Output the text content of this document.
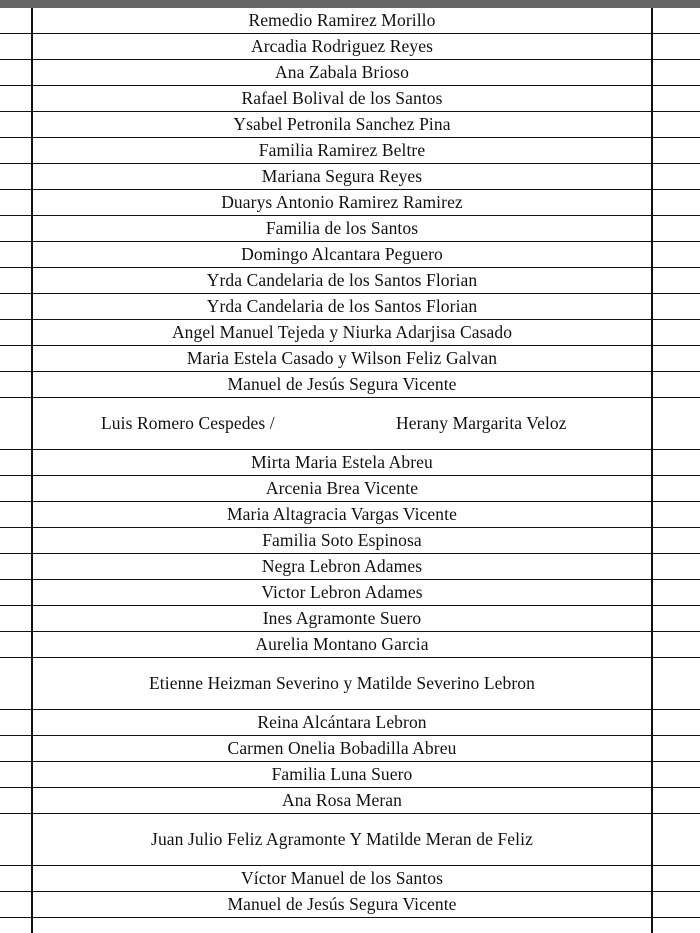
Remedio Ramirez Morillo
Arcadia Rodriguez Reyes
Ana Zabala Brioso
Rafael Bolival de los Santos
Ysabel Petronila Sanchez Pina
Familia Ramirez Beltre
Mariana Segura Reyes
Duarys Antonio Ramirez Ramirez
Familia de los Santos
Domingo Alcantara Peguero
Yrda Candelaria de los Santos Florian
Yrda Candelaria de los Santos Florian
Angel Manuel Tejeda y Niurka Adarjisa Casado
Maria Estela Casado y Wilson Feliz Galvan
Manuel de Jesús Segura Vicente
Luis Romero Cespedes /	Herany Margarita Veloz
Mirta Maria Estela Abreu
Arcenia Brea Vicente
Maria Altagracia Vargas Vicente
Familia Soto Espinosa
Negra Lebron Adames
Victor Lebron Adames
Ines Agramonte Suero
Aurelia Montano Garcia
Etienne Heizman Severino y Matilde Severino Lebron
Reina Alcántara Lebron
Carmen Onelia Bobadilla Abreu
Familia Luna Suero
Ana Rosa Meran
Juan Julio Feliz Agramonte Y Matilde Meran de Feliz
Víctor Manuel de los Santos
Manuel de Jesús Segura Vicente
